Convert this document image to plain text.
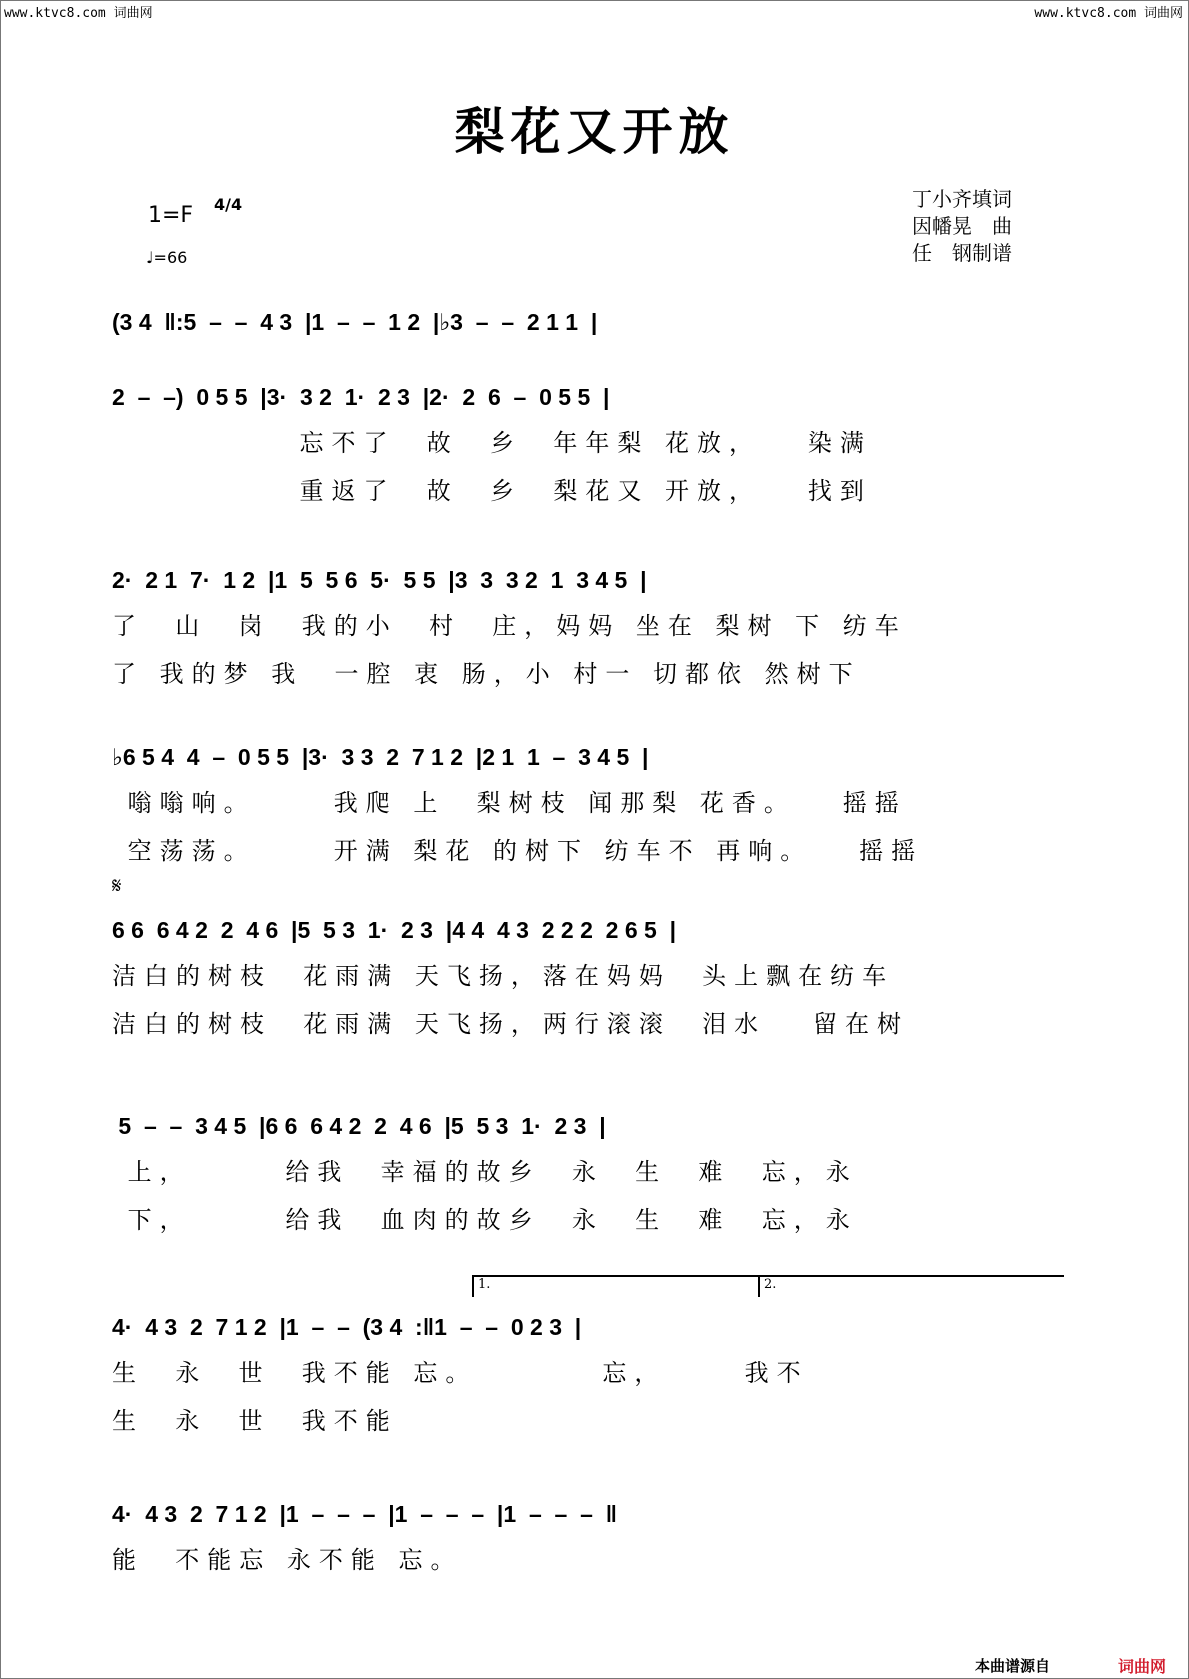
www.ktvc8.com 词曲网	www.ktvc8.com 词曲网
梨花又开放
1=F 4/4
♩=66
丁小齐填词
因幡晃　曲
任　钢制谱
(3 4  ‖:5  –  –  4 3  |1  –  –  1 2  |♭3  –  –  2 1 1  |
2  –  –)  0 5 5  |3·  3 2  1·  2 3  |2·  2  6  –  0 5 5  |
忘不了  故  乡  年年梨 花放，   染满
重返了  故  乡  梨花又 开放，   找到
2·  2 1  7·  1 2  |1  5  5 6  5·  5 5  |3  3  3 2  1  3 4 5  |
了  山  岗  我的小  村  庄，妈妈 坐在 梨树 下 纺车
了 我的梦 我  一腔 衷 肠，小 村一 切都依 然树下
♭6 5 4  4  –  0 5 5  |3·  3 3  2  7 1 2  |2 1  1  –  3 4 5  |
嗡嗡响。     我爬 上  梨树枝 闻那梨 花香。   摇摇
空荡荡。     开满 梨花 的树下 纺车不 再响。   摇摇
𝄋
6 6  6 4 2  2  4 6  |5  5 3  1·  2 3  |4 4  4 3  2 2 2  2 6 5  |
洁白的树枝  花雨满 天飞扬，落在妈妈  头上飘在纺车
洁白的树枝  花雨满 天飞扬，两行滚滚  泪水   留在树
5  –  –  3 4 5  |6 6  6 4 2  2  4 6  |5  5 3  1·  2 3  |
上，      给我  幸福的故乡  永  生  难  忘，永
下，      给我  血肉的故乡  永  生  难  忘，永
1.	2.
4·  4 3  2  7 1 2  |1  –  –  (3 4  :‖1  –  –  0 2 3  |
生  永  世  我不能 忘。        忘，     我不
生  永  世  我不能
4·  4 3  2  7 1 2  |1  –  –  –  |1  –  –  –  |1  –  –  –  ‖
能  不能忘 永不能 忘。
本曲谱源自	词曲网
